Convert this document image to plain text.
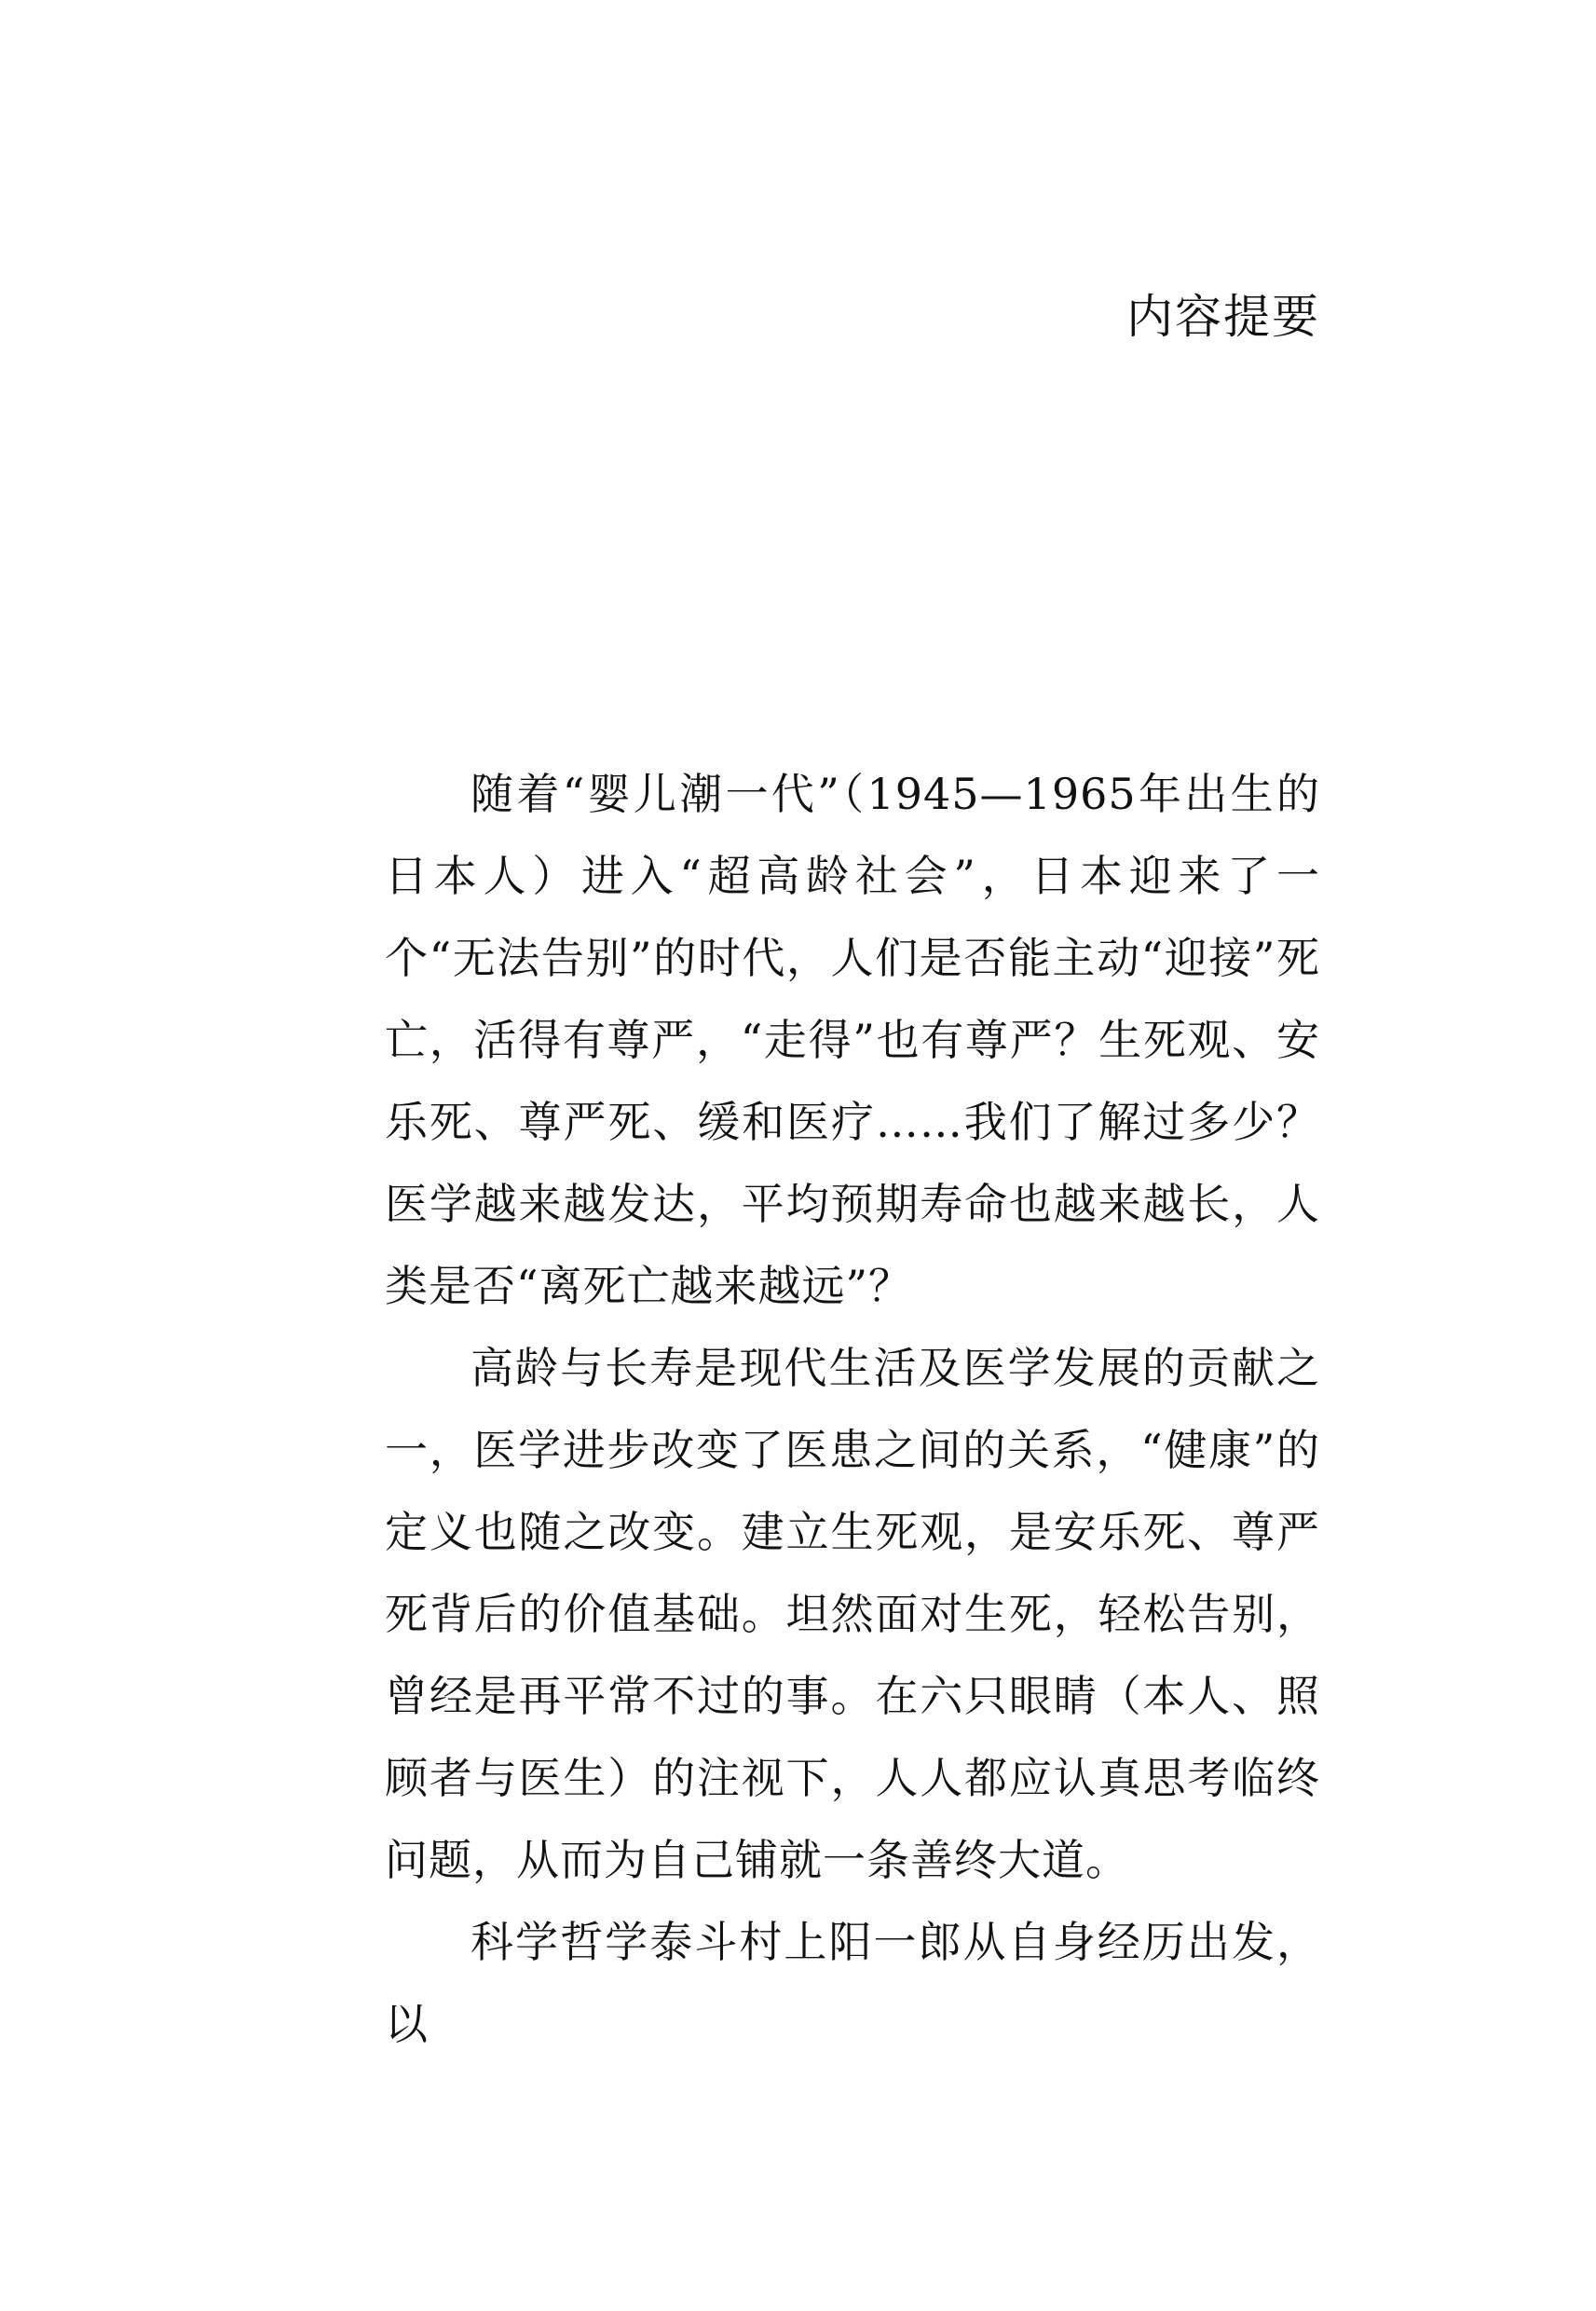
内容提要

随着“婴儿潮一代”（1945—1965年出生的日本人）进入“超高龄社会”，日本迎来了一个“无法告别”的时代，人们是否能主动“迎接”死亡，活得有尊严，“走得”也有尊严？生死观、安乐死、尊严死、缓和医疗……我们了解过多少？医学越来越发达，平均预期寿命也越来越长，人类是否“离死亡越来越远”？

高龄与长寿是现代生活及医学发展的贡献之一，医学进步改变了医患之间的关系，“健康”的定义也随之改变。建立生死观，是安乐死、尊严死背后的价值基础。坦然面对生死，轻松告别，曾经是再平常不过的事。在六只眼睛（本人、照顾者与医生）的注视下，人人都应认真思考临终问题，从而为自己铺就一条善终大道。

科学哲学泰斗村上阳一郎从自身经历出发，以
